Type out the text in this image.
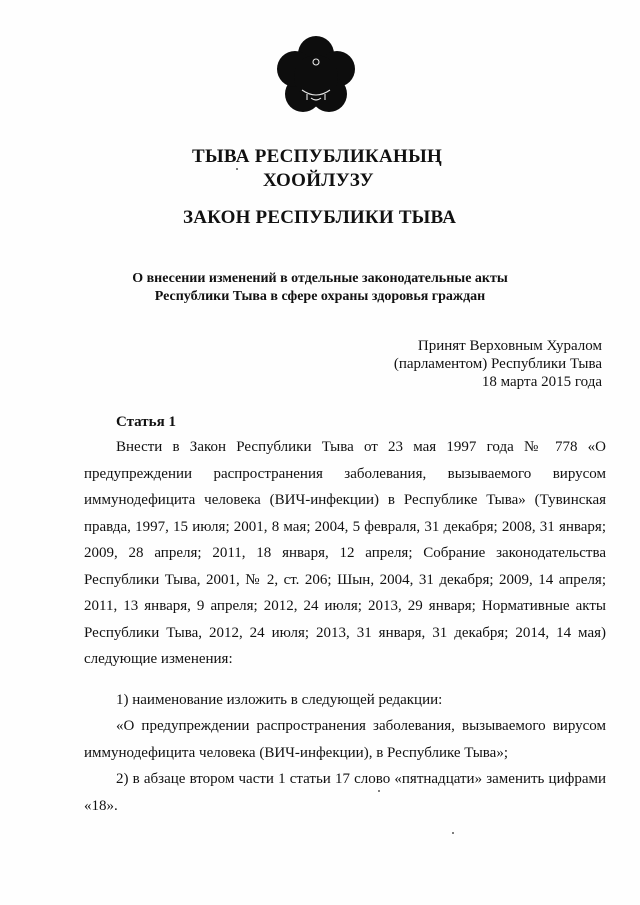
ТЫВА РЕСПУБЛИКАНЫҢ
ХООЙЛУЗУ
ЗАКОН РЕСПУБЛИКИ ТЫВА
О внесении изменений в отдельные законодательные акты
Республики Тыва в сфере охраны здоровья граждан
Принят Верховным Хуралом
(парламентом) Республики Тыва
18 марта 2015 года
Статья 1

Внести в Закон Республики Тыва от 23 мая 1997 года № 778 «О предупреждении распространения заболевания, вызываемого вирусом иммунодефицита человека (ВИЧ-инфекции) в Республике Тыва» (Тувинская правда, 1997, 15 июля; 2001, 8 мая; 2004, 5 февраля, 31 декабря; 2008, 31 января; 2009, 28 апреля; 2011, 18 января, 12 апреля; Собрание законодательства Республики Тыва, 2001, № 2, ст. 206; Шын, 2004, 31 декабря; 2009, 14 апреля; 2011, 13 января, 9 апреля; 2012, 24 июля; 2013, 29 января; Нормативные акты Республики Тыва, 2012, 24 июля; 2013, 31 января, 31 декабря; 2014, 14 мая) следующие изменения:

1) наименование изложить в следующей редакции:

«О предупреждении распространения заболевания, вызываемого вирусом иммунодефицита человека (ВИЧ-инфекции), в Республике Тыва»;

2) в абзаце втором части 1 статьи 17 слово «пятнадцати» заменить цифрами «18».
